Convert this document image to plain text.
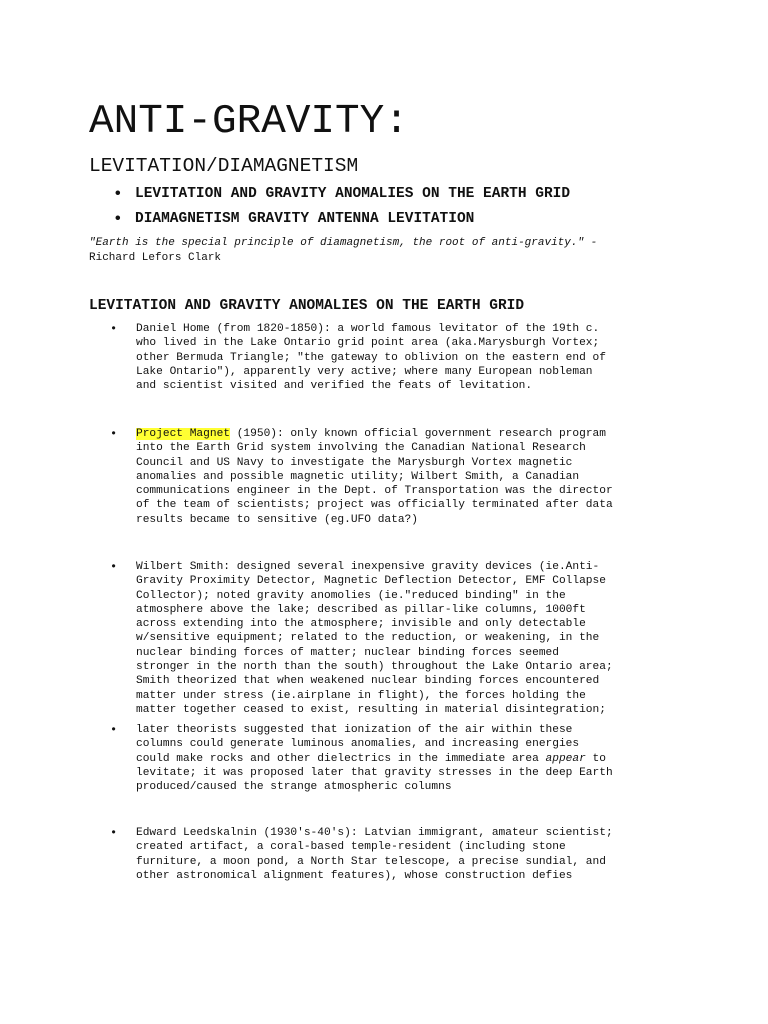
ANTI-GRAVITY:
LEVITATION/DIAMAGNETISM
• LEVITATION AND GRAVITY ANOMALIES ON THE EARTH GRID
• DIAMAGNETISM GRAVITY ANTENNA LEVITATION

"Earth is the special principle of diamagnetism, the root of anti-gravity." -
Richard Lefors Clark

LEVITATION AND GRAVITY ANOMALIES ON THE EARTH GRID
• Daniel Home (from 1820-1850): a world famous levitator of the 19th c.
who lived in the Lake Ontario grid point area (aka.Marysburgh Vortex;
other Bermuda Triangle; "the gateway to oblivion on the eastern end of
Lake Ontario"), apparently very active; where many European nobleman
and scientist visited and verified the feats of levitation.
• Project Magnet (1950): only known official government research program
into the Earth Grid system involving the Canadian National Research
Council and US Navy to investigate the Marysburgh Vortex magnetic
anomalies and possible magnetic utility; Wilbert Smith, a Canadian
communications engineer in the Dept. of Transportation was the director
of the team of scientists; project was officially terminated after data
results became to sensitive (eg.UFO data?)
• Wilbert Smith: designed several inexpensive gravity devices (ie.Anti-
Gravity Proximity Detector, Magnetic Deflection Detector, EMF Collapse
Collector); noted gravity anomolies (ie."reduced binding" in the
atmosphere above the lake; described as pillar-like columns, 1000ft
across extending into the atmosphere; invisible and only detectable
w/sensitive equipment; related to the reduction, or weakening, in the
nuclear binding forces of matter; nuclear binding forces seemed
stronger in the north than the south) throughout the Lake Ontario area;
Smith theorized that when weakened nuclear binding forces encountered
matter under stress (ie.airplane in flight), the forces holding the
matter together ceased to exist, resulting in material disintegration;
• later theorists suggested that ionization of the air within these
columns could generate luminous anomalies, and increasing energies
could make rocks and other dielectrics in the immediate area appear to
levitate; it was proposed later that gravity stresses in the deep Earth
produced/caused the strange atmospheric columns
• Edward Leedskalnin (1930's-40's): Latvian immigrant, amateur scientist;
created artifact, a coral-based temple-resident (including stone
furniture, a moon pond, a North Star telescope, a precise sundial, and
other astronomical alignment features), whose construction defies
